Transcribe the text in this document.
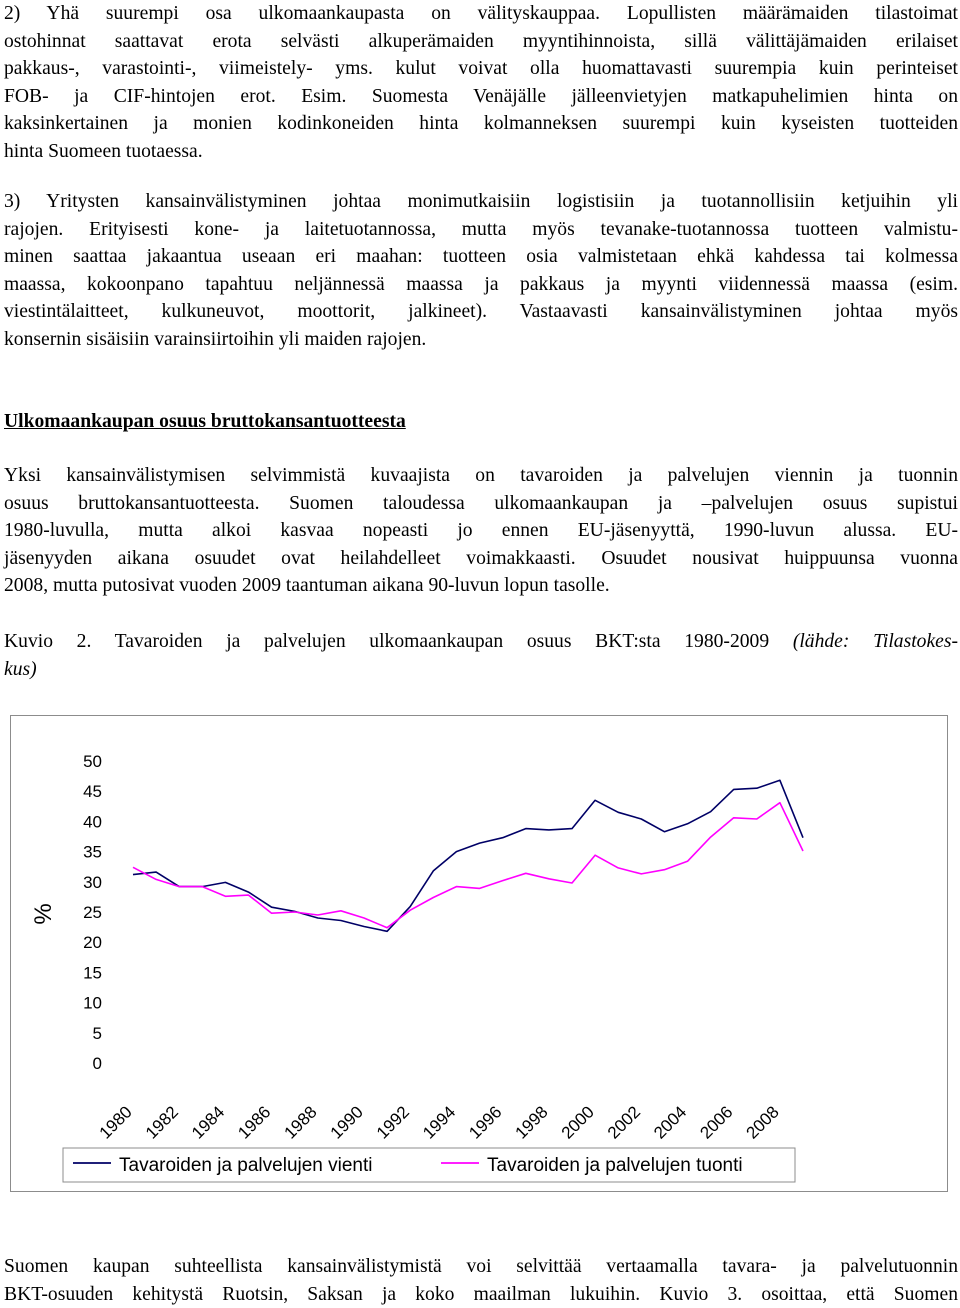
2) Yhä suurempi osa ulkomaankaupasta on välityskauppaa. Lopullisten määrämaiden tilastoimat
ostohinnat saattavat erota selvästi alkuperämaiden myyntihinnoista, sillä välittäjämaiden erilaiset
pakkaus-, varastointi-, viimeistely- yms. kulut voivat olla huomattavasti suurempia kuin perinteiset
FOB- ja CIF-hintojen erot. Esim. Suomesta Venäjälle jälleenvietyjen matkapuhelimien hinta on
kaksinkertainen ja monien kodinkoneiden hinta kolmanneksen suurempi kuin kyseisten tuotteiden
hinta Suomeen tuotaessa.
3) Yritysten kansainvälistyminen johtaa monimutkaisiin logistisiin ja tuotannollisiin ketjuihin yli
rajojen. Erityisesti kone- ja laitetuotannossa, mutta myös tevanake-tuotannossa tuotteen valmistu-
minen saattaa jakaantua useaan eri maahan: tuotteen osia valmistetaan ehkä kahdessa tai kolmessa
maassa, kokoonpano tapahtuu neljännessä maassa ja pakkaus ja myynti viidennessä maassa (esim.
viestintälaitteet, kulkuneuvot, moottorit, jalkineet). Vastaavasti kansainvälistyminen johtaa myös
konsernin sisäisiin varainsiirtoihin yli maiden rajojen.
Ulkomaankaupan osuus bruttokansantuotteesta
Yksi kansainvälistymisen selvimmistä kuvaajista on tavaroiden ja palvelujen viennin ja tuonnin
osuus bruttokansantuotteesta. Suomen taloudessa ulkomaankaupan ja –palvelujen osuus supistui
1980-luvulla, mutta alkoi kasvaa nopeasti jo ennen EU-jäsenyyttä, 1990-luvun alussa. EU-
jäsenyyden aikana osuudet ovat heilahdelleet voimakkaasti. Osuudet nousivat huippuunsa vuonna
2008, mutta putosivat vuoden 2009 taantuman aikana 90-luvun lopun tasolle.
Kuvio 2. Tavaroiden ja palvelujen ulkomaankaupan osuus BKT:sta 1980-2009 (lähde: Tilastokes-
kus)
0
5
10
15
20
25
30
35
40
45
50
%
1980 1982 1984 1986 1988 1990 1992 1994 1996 1998 2000 2002 2004 2006 2008
Tavaroiden ja palvelujen vienti	Tavaroiden ja palvelujen tuonti
Suomen kaupan suhteellista kansainvälistymistä voi selvittää vertaamalla tavara- ja palvelutuonnin
BKT-osuuden kehitystä Ruotsin, Saksan ja koko maailman lukuihin. Kuvio 3. osoittaa, että Suomen
